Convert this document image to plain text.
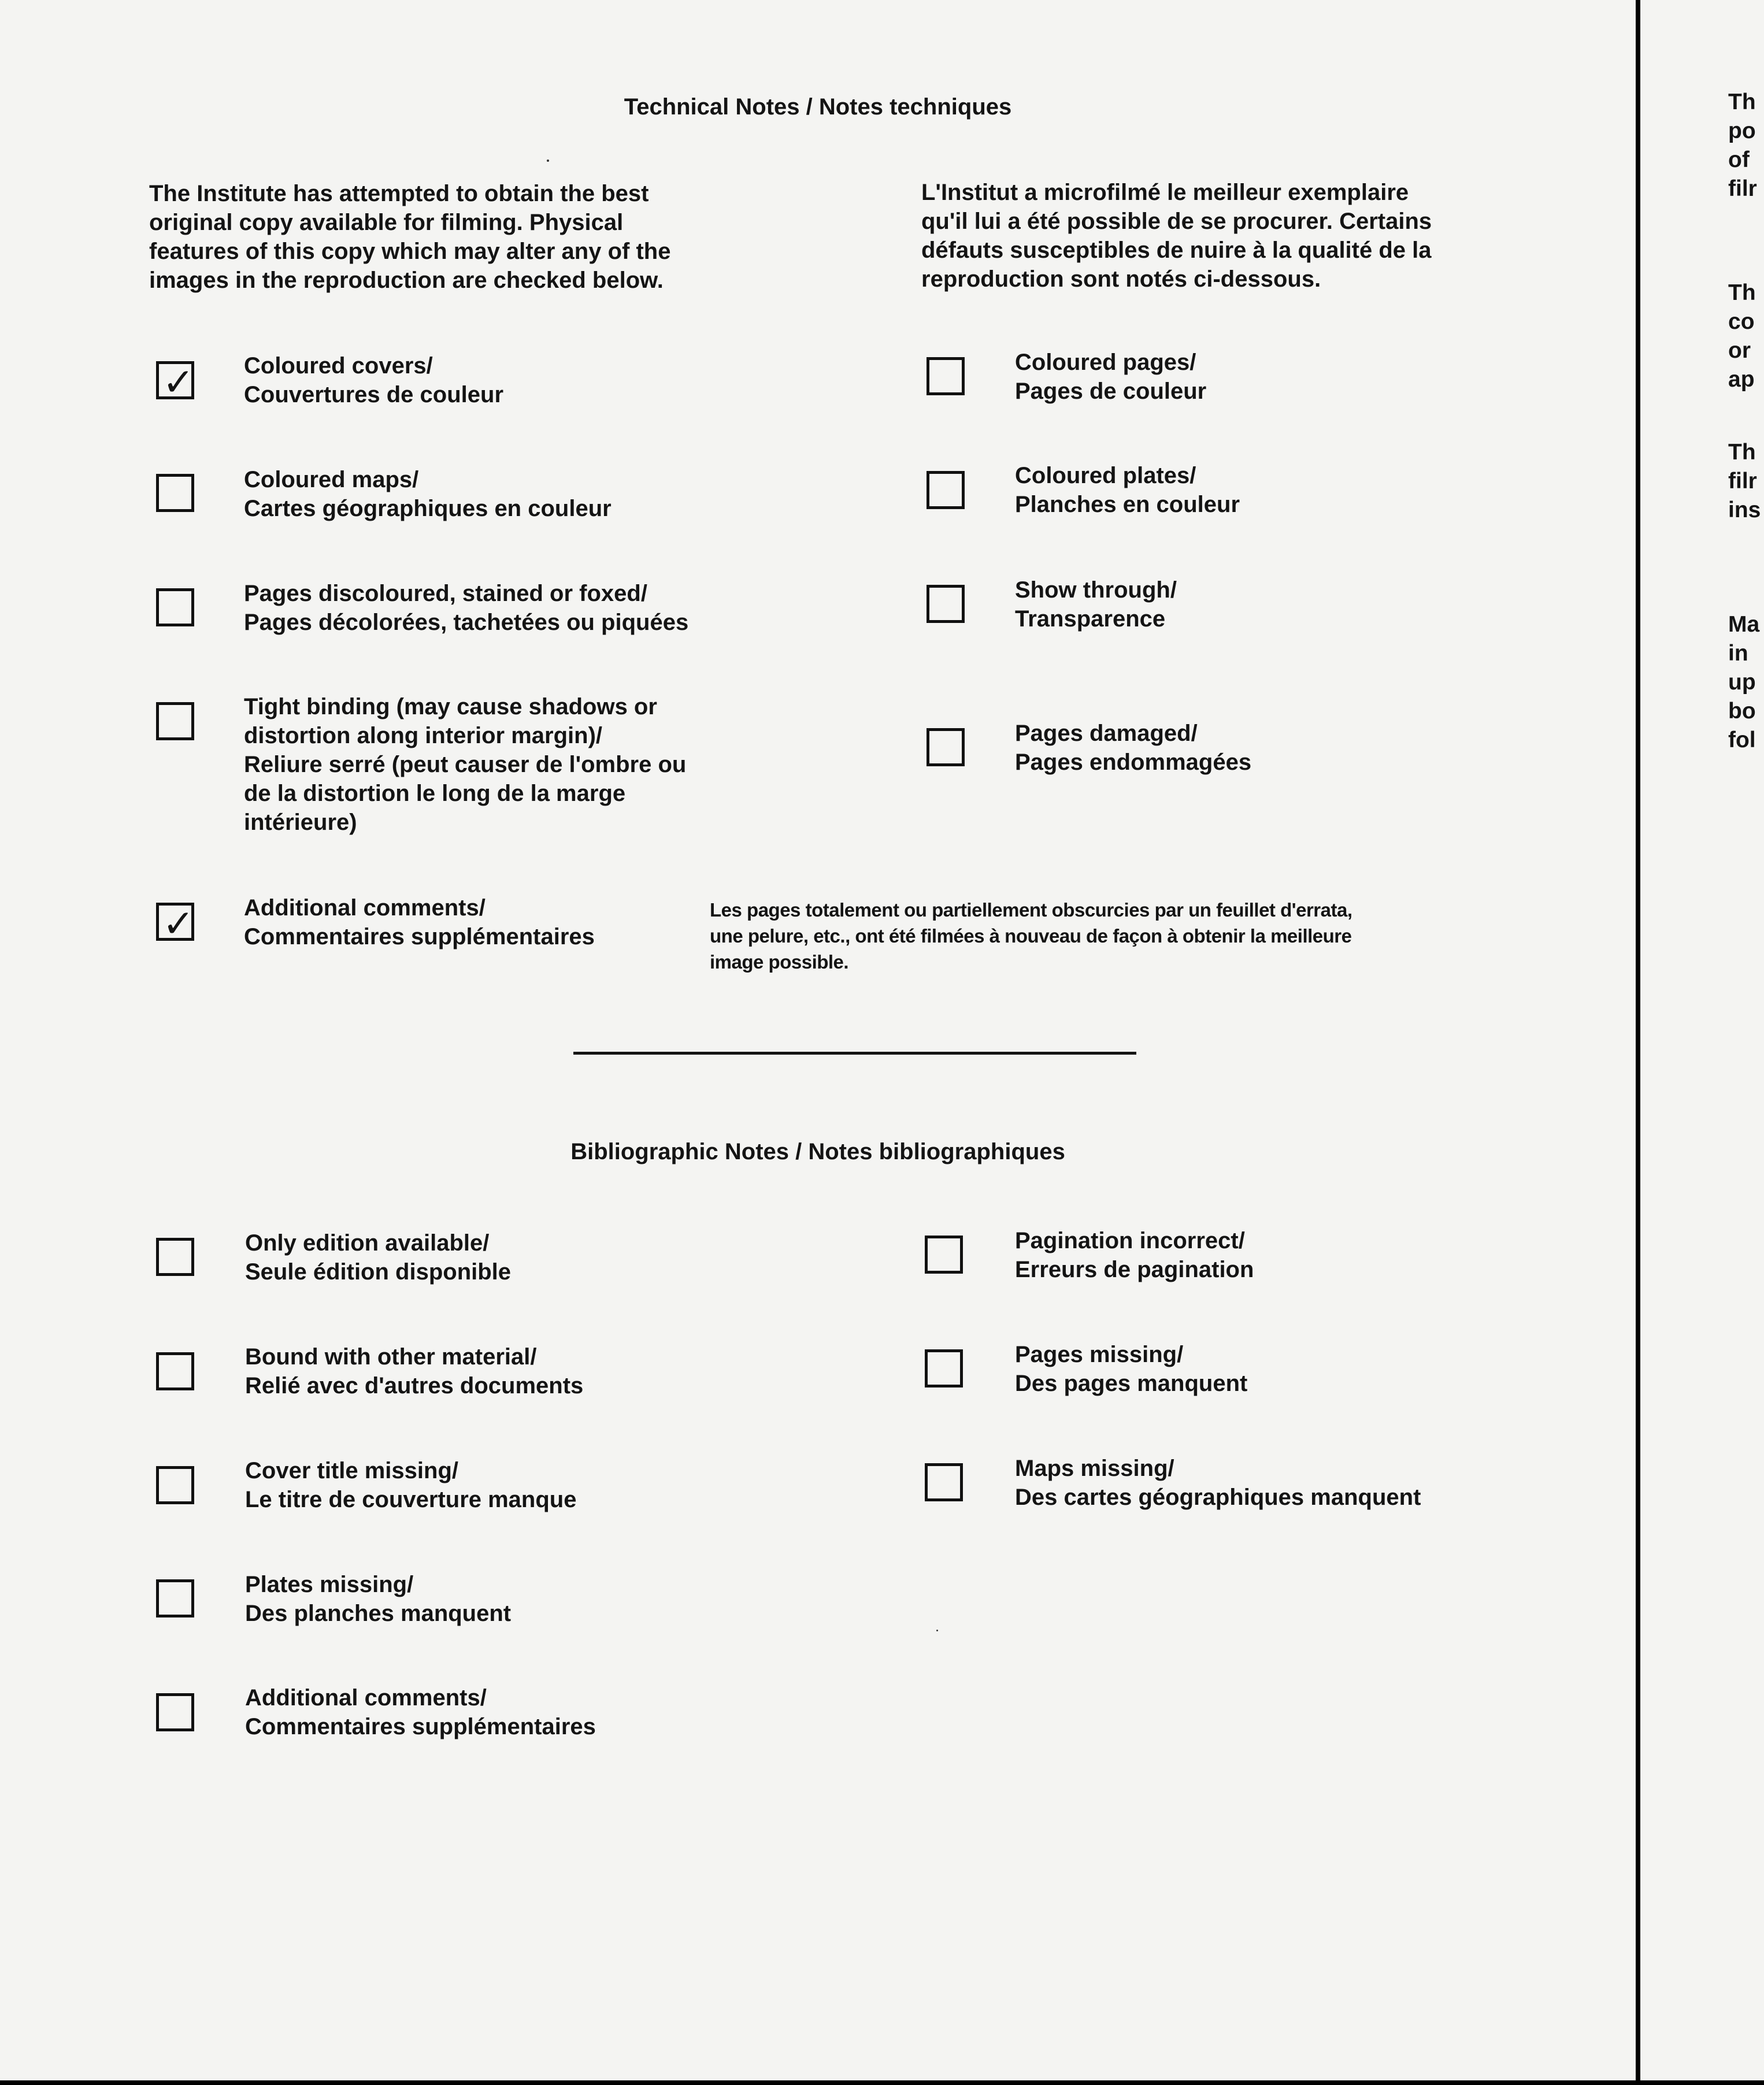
Technical Notes / Notes techniques
The Institute has attempted to obtain the best
original copy available for filming. Physical
features of this copy which may alter any of the
images in the reproduction are checked below.
L'Institut a microfilmé le meilleur exemplaire
qu'il lui a été possible de se procurer. Certains
défauts susceptibles de nuire à la qualité de la
reproduction sont notés ci-dessous.
✓ Coloured covers/
Couvertures de couleur
Coloured maps/
Cartes géographiques en couleur
Pages discoloured, stained or foxed/
Pages décolorées, tachetées ou piquées
Tight binding (may cause shadows or
distortion along interior margin)/
Reliure serré (peut causer de l'ombre ou
de la distortion le long de la marge
intérieure)
Coloured pages/
Pages de couleur
Coloured plates/
Planches en couleur
Show through/
Transparence
Pages damaged/
Pages endommagées
✓ Additional comments/
Commentaires supplémentaires
Les pages totalement ou partiellement obscurcies par un feuillet d'errata,
une pelure, etc., ont été filmées à nouveau de façon à obtenir la meilleure
image possible.
Bibliographic Notes / Notes bibliographiques
Only edition available/
Seule édition disponible
Bound with other material/
Relié avec d'autres documents
Cover title missing/
Le titre de couverture manque
Plates missing/
Des planches manquent
Additional comments/
Commentaires supplémentaires
Pagination incorrect/
Erreurs de pagination
Pages missing/
Des pages manquent
Maps missing/
Des cartes géographiques manquent
Th
po
of
filr
Th
co
or
ap
Th
filr
ins
Ma
in
up
bo
fol
